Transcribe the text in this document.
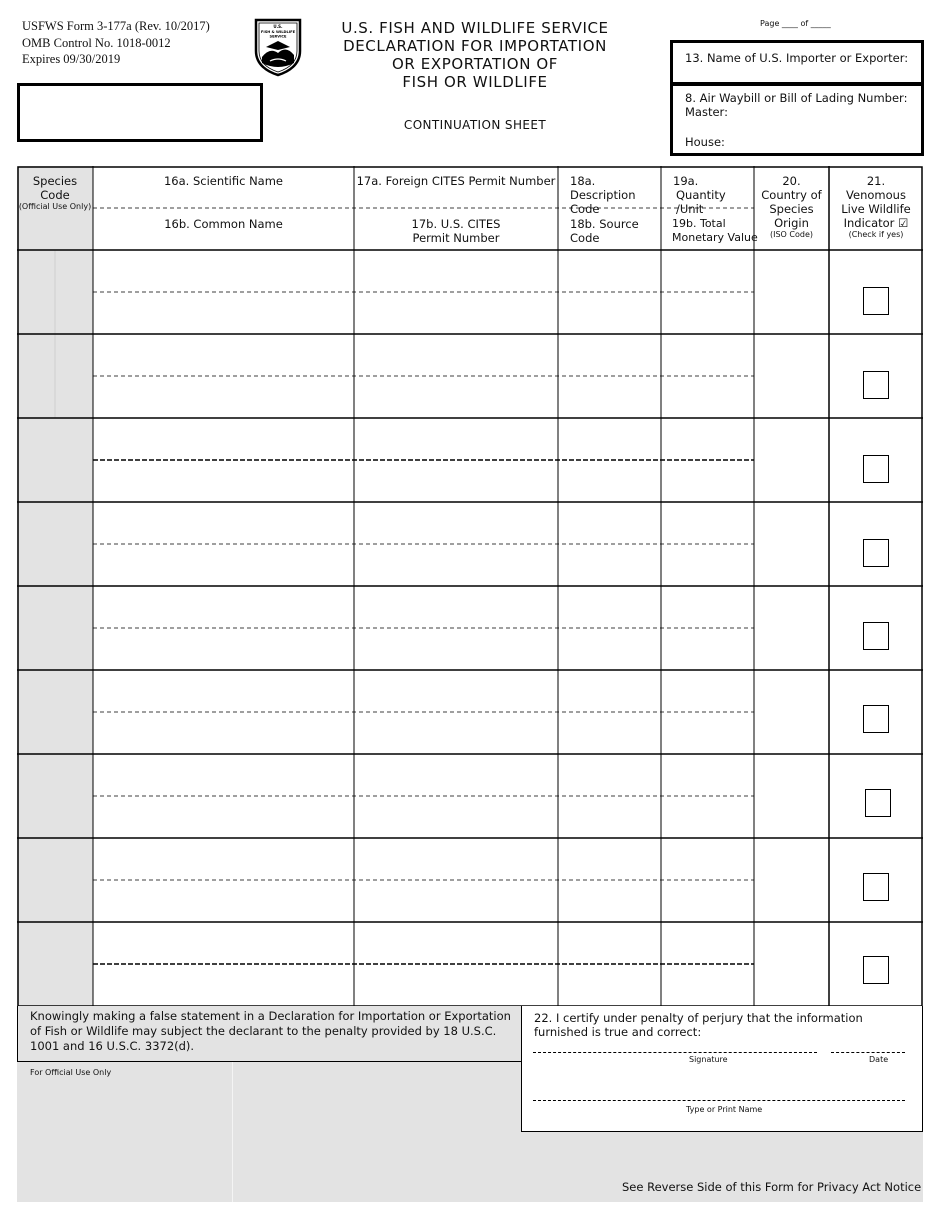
USFWS Form 3-177a (Rev. 10/2017)
OMB Control No. 1018-0012
Expires 09/30/2019
U.S.
FISH & WILDLIFE
SERVICE	U.S. FISH AND WILDLIFE SERVICE
DECLARATION FOR IMPORTATION
OR EXPORTATION OF
FISH OR WILDLIFE
CONTINUATION SHEET
Page ____ of _____
13. Name of U.S. Importer or Exporter:
8. Air Waybill or Bill of Lading Number:
Master:
House:
Species Code
(Official Use Only)
16a. Scientific Name
16b. Common Name
17a. Foreign CITES Permit Number
17b. U.S. CITES
Permit Number
18a. Description
Code
18b. Source
Code
19a.
Quantity /Unit
19b. Total
Monetary Value
20.
Country of
Species
Origin
(ISO Code)
21.
Venomous
Live Wildlife
Indicator ☑
(Check if yes)
Knowingly making a false statement in a Declaration for Importation or Exportation of Fish or Wildlife may subject the declarant to the penalty provided by 18 U.S.C. 1001 and 16 U.S.C. 3372(d).
For Official Use Only
22. I certify under penalty of perjury that the information furnished is true and correct:
Signature	Date
Type or Print Name
See Reverse Side of this Form for Privacy Act Notice
